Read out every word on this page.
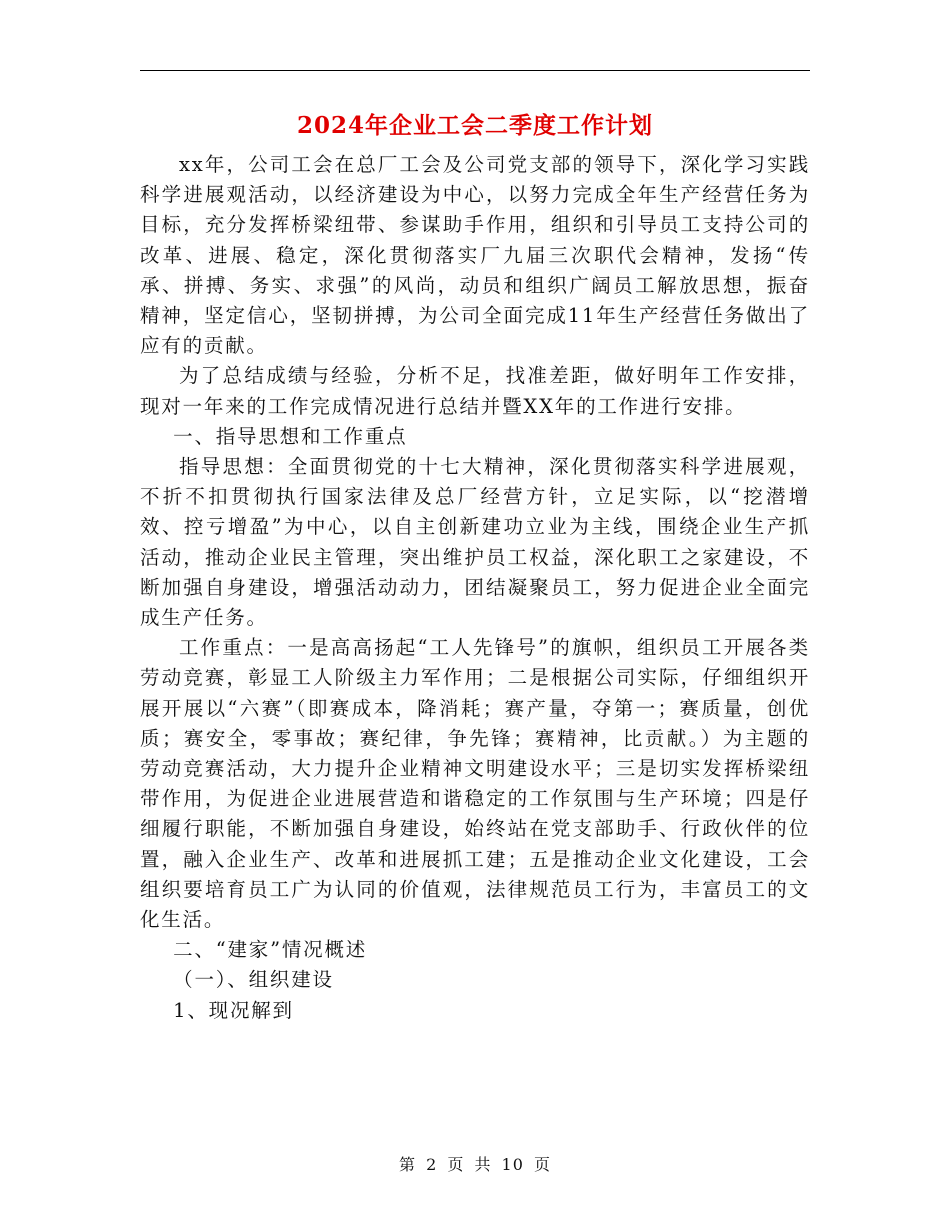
2024年企业工会二季度工作计划

xx年，公司工会在总厂工会及公司党支部的领导下，深化学习实践科学进展观活动，以经济建设为中心，以努力完成全年生产经营任务为目标，充分发挥桥梁纽带、参谋助手作用，组织和引导员工支持公司的改革、进展、稳定，深化贯彻落实厂九届三次职代会精神，发扬“传承、拼搏、务实、求强”的风尚，动员和组织广阔员工解放思想，振奋精神，坚定信心，坚韧拼搏，为公司全面完成11年生产经营任务做出了应有的贡献。

为了总结成绩与经验，分析不足，找准差距，做好明年工作安排，现对一年来的工作完成情况进行总结并暨XX年的工作进行安排。

一、指导思想和工作重点

指导思想：全面贯彻党的十七大精神，深化贯彻落实科学进展观，不折不扣贯彻执行国家法律及总厂经营方针，立足实际，以“挖潜增效、控亏增盈”为中心，以自主创新建功立业为主线，围绕企业生产抓活动，推动企业民主管理，突出维护员工权益，深化职工之家建设，不断加强自身建设，增强活动动力，团结凝聚员工，努力促进企业全面完成生产任务。

工作重点：一是高高扬起“工人先锋号”的旗帜，组织员工开展各类劳动竞赛，彰显工人阶级主力军作用；二是根据公司实际，仔细组织开展开展以“六赛”（即赛成本，降消耗；赛产量，夺第一；赛质量，创优质；赛安全，零事故；赛纪律，争先锋；赛精神，比贡献。）为主题的劳动竞赛活动，大力提升企业精神文明建设水平；三是切实发挥桥梁纽带作用，为促进企业进展营造和谐稳定的工作氛围与生产环境；四是仔细履行职能，不断加强自身建设，始终站在党支部助手、行政伙伴的位置，融入企业生产、改革和进展抓工建；五是推动企业文化建设，工会组织要培育员工广为认同的价值观，法律规范员工行为，丰富员工的文化生活。

二、“建家”情况概述

（一）、组织建设

1、现况解到

第 2 页 共 10 页
